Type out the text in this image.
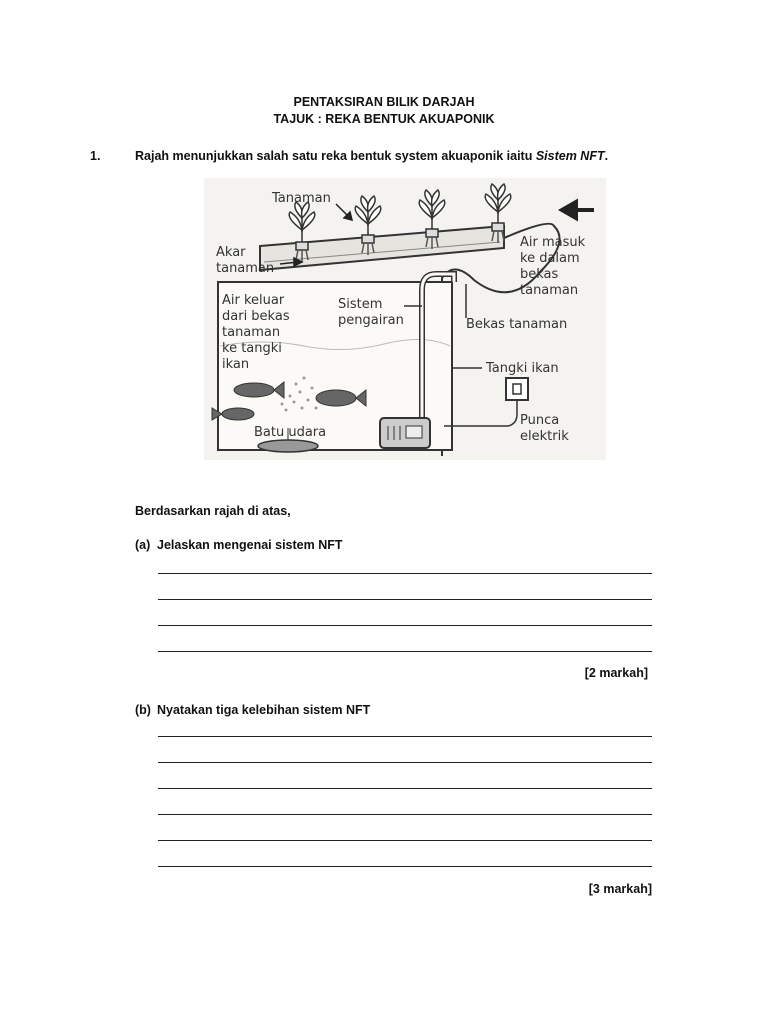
PENTAKSIRAN BILIK DARJAH
TAJUK : REKA BENTUK AKUAPONIK
1.	Rajah menunjukkan salah satu reka bentuk system akuaponik iaitu Sistem NFT.
Tanaman
Akar
tanaman
Air masuk
ke dalam
bekas
tanaman
Air keluar
dari bekas
tanaman
ke tangki
ikan
Sistem
pengairan	Bekas tanaman
Tangki ikan
Batu udara
Punca
elektrik
Berdasarkan rajah di atas,
(a) Jelaskan mengenai sistem NFT
[2 markah]
(b) Nyatakan tiga kelebihan sistem NFT
[3 markah]
